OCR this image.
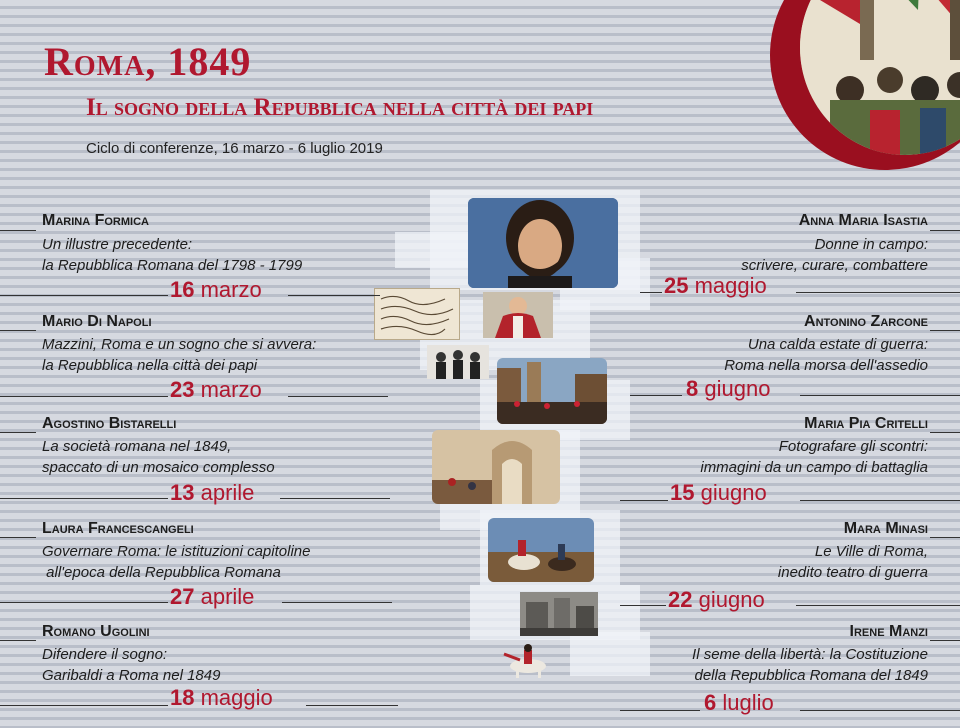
Roma, 1849
Il sogno della Repubblica nella città dei papi
Ciclo di conferenze, 16 marzo - 6 luglio 2019
Marina Formica
Un illustre precedente:
la Repubblica Romana del 1798 - 1799
16 marzo
Mario Di Napoli
Mazzini, Roma e un sogno che si avvera:
la Repubblica nella città dei papi
23 marzo
Agostino Bistarelli
La società romana nel 1849,
spaccato di un mosaico complesso
13 aprile
Laura Francescangeli
Governare Roma: le istituzioni capitoline
all'epoca della Repubblica Romana
27 aprile
Romano Ugolini
Difendere il sogno:
Garibaldi a Roma nel 1849
18 maggio
Anna Maria Isastia
Donne in campo:
scrivere, curare, combattere
25 maggio
Antonino Zarcone
Una calda estate di guerra:
Roma nella morsa dell'assedio
8 giugno
Maria Pia Critelli
Fotografare gli scontri:
immagini da un campo di battaglia
15 giugno
Mara Minasi
Le Ville di Roma,
inedito teatro di guerra
22 giugno
Irene Manzi
Il seme della libertà: la Costituzione
della Repubblica Romana del 1849
6 luglio
